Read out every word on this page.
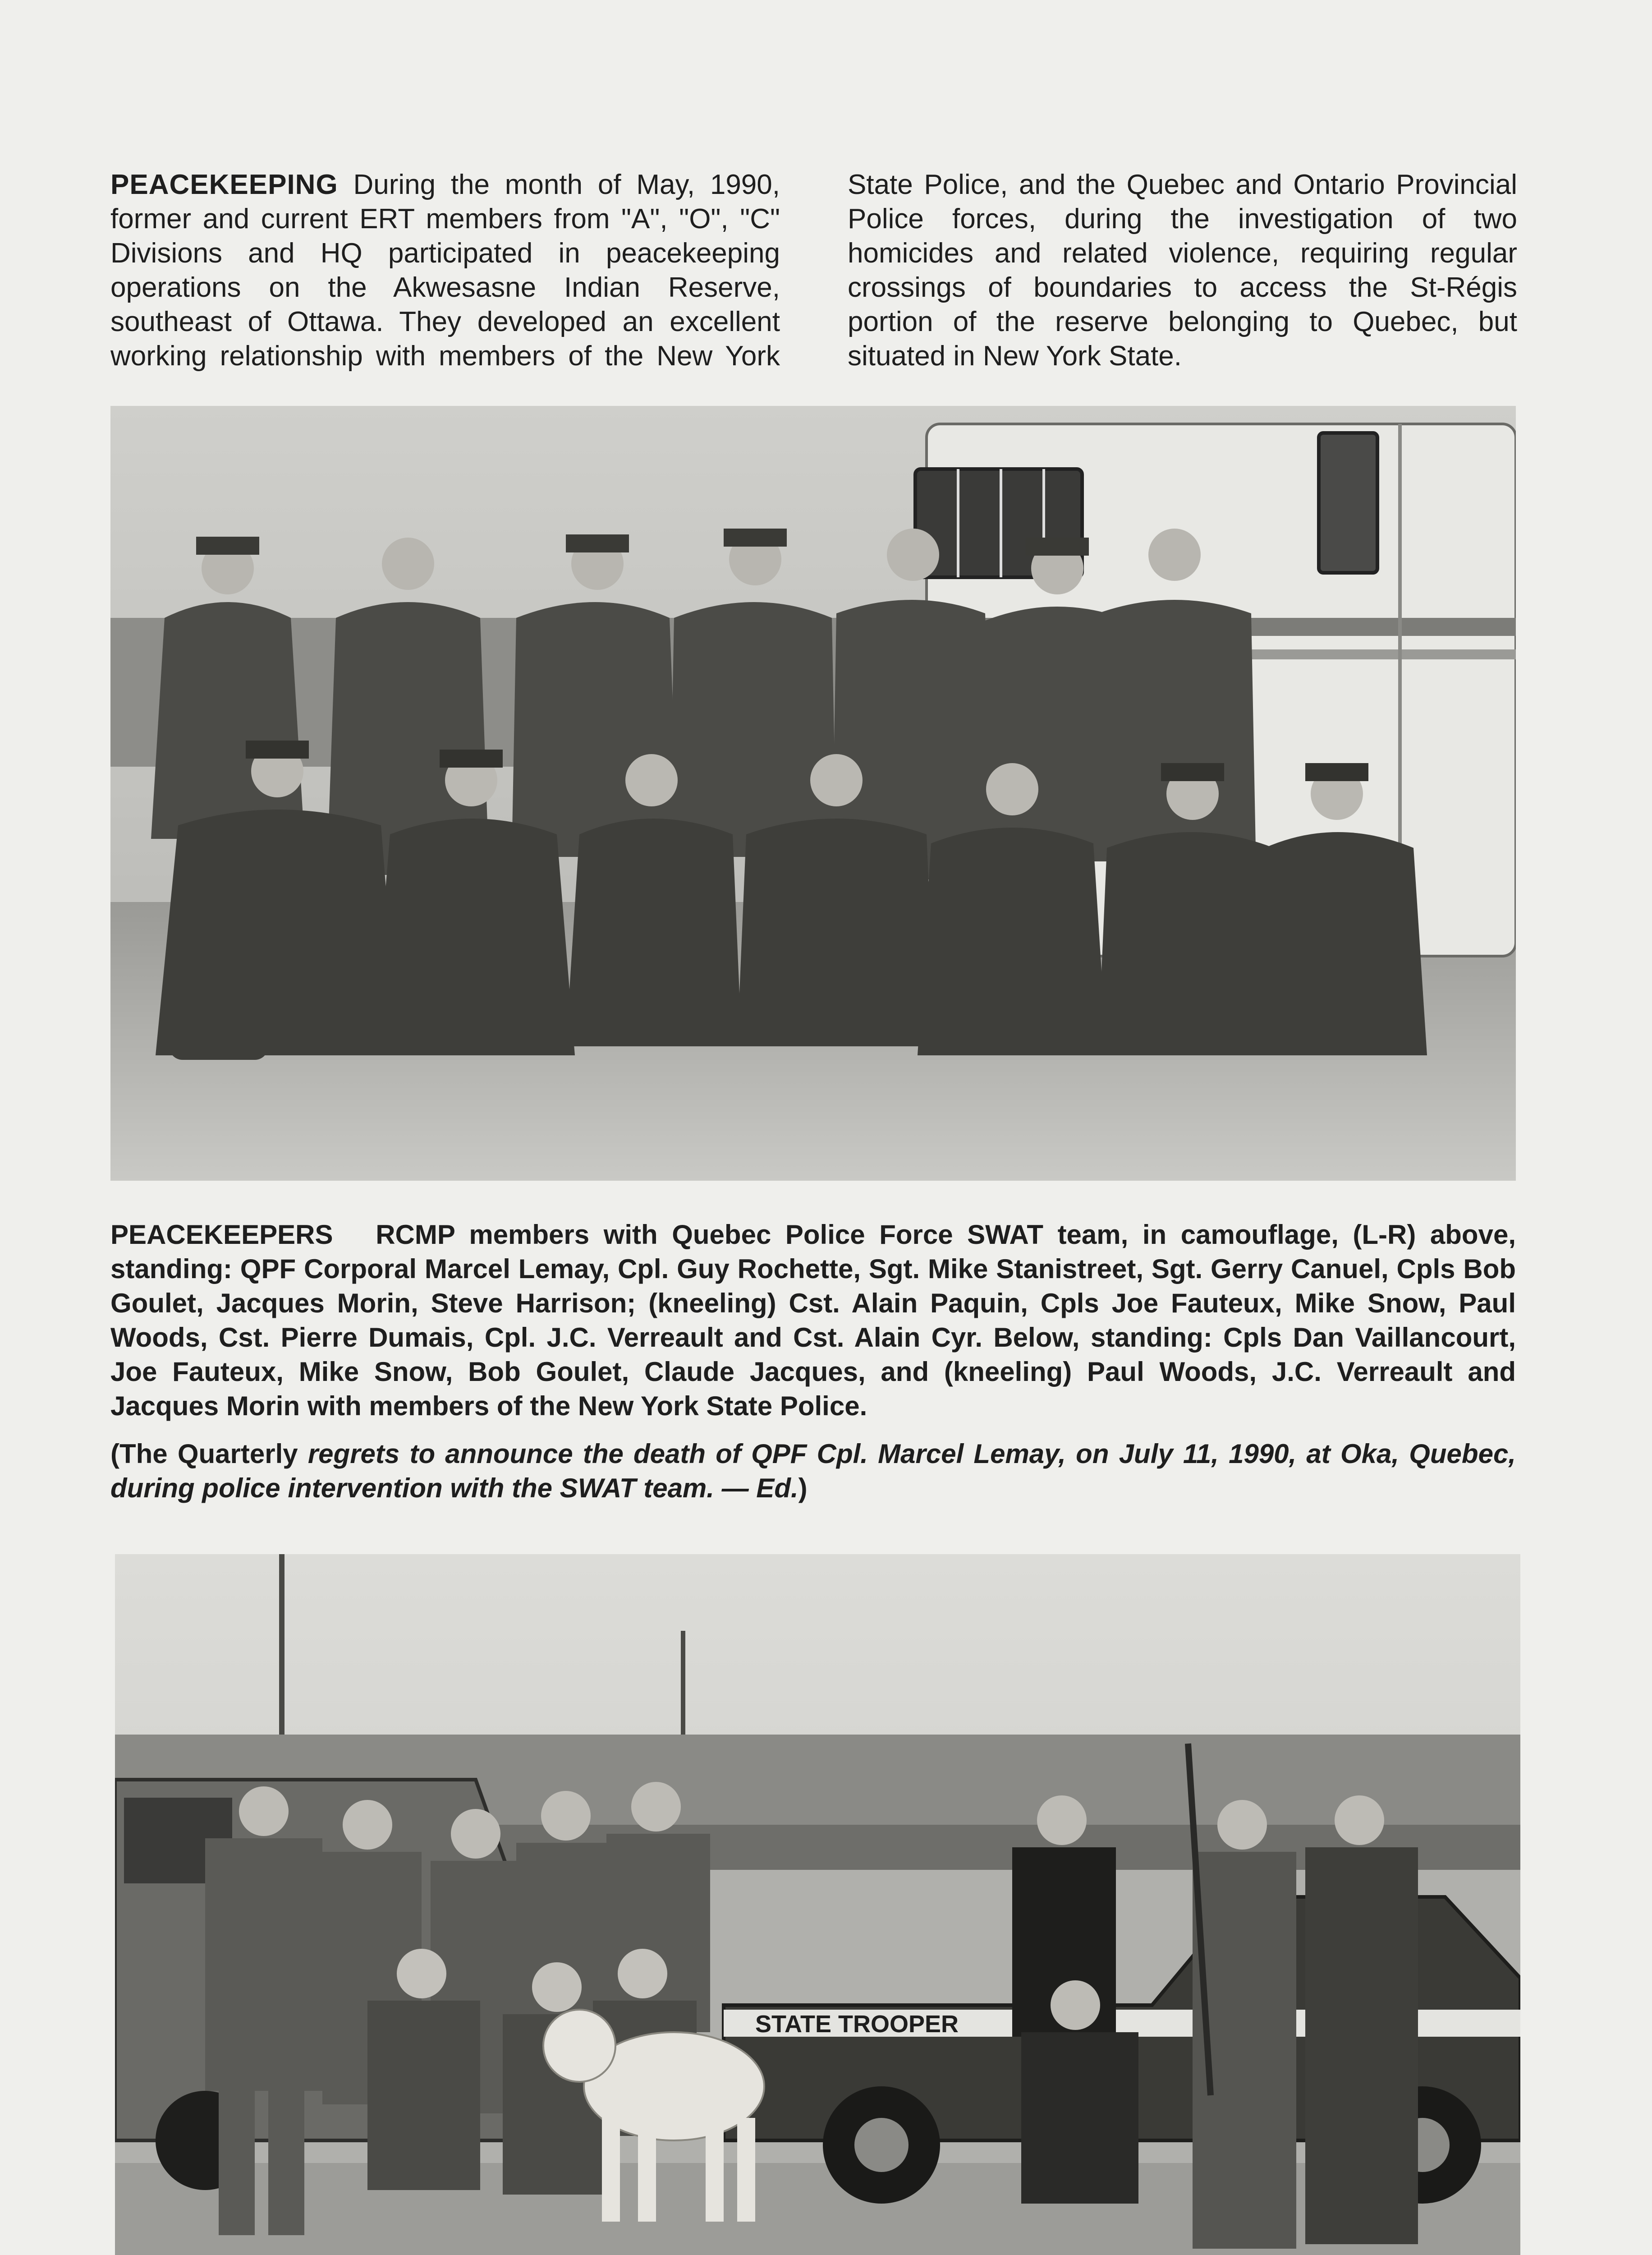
PEACEKEEPING During the month of May, 1990, former and current ERT members from "A", "O", "C" Divisions and HQ participated in peacekeeping operations on the Akwesasne Indian Reserve, southeast of Ottawa. They developed an excellent working relationship with members of the New York State Police, and the Quebec and Ontario Provincial Police forces, during the investigation of two homicides and related violence, requiring regular crossings of boundaries to access the St-Régis portion of the reserve belonging to Quebec, but situated in New York State.

PEACEKEEPERS RCMP members with Quebec Police Force SWAT team, in camouflage, (L-R) above, standing: QPF Corporal Marcel Lemay, Cpl. Guy Rochette, Sgt. Mike Stanistreet, Sgt. Gerry Canuel, Cpls Bob Goulet, Jacques Morin, Steve Harrison; (kneeling) Cst. Alain Paquin, Cpls Joe Fauteux, Mike Snow, Paul Woods, Cst. Pierre Dumais, Cpl. J.C. Verreault and Cst. Alain Cyr. Below, standing: Cpls Dan Vaillancourt, Joe Fauteux, Mike Snow, Bob Goulet, Claude Jacques, and (kneeling) Paul Woods, J.C. Verreault and Jacques Morin with members of the New York State Police.

(The Quarterly regrets to announce the death of QPF Cpl. Marcel Lemay, on July 11, 1990, at Oka, Quebec, during police intervention with the SWAT team. — Ed.)

STATE TROOPER
